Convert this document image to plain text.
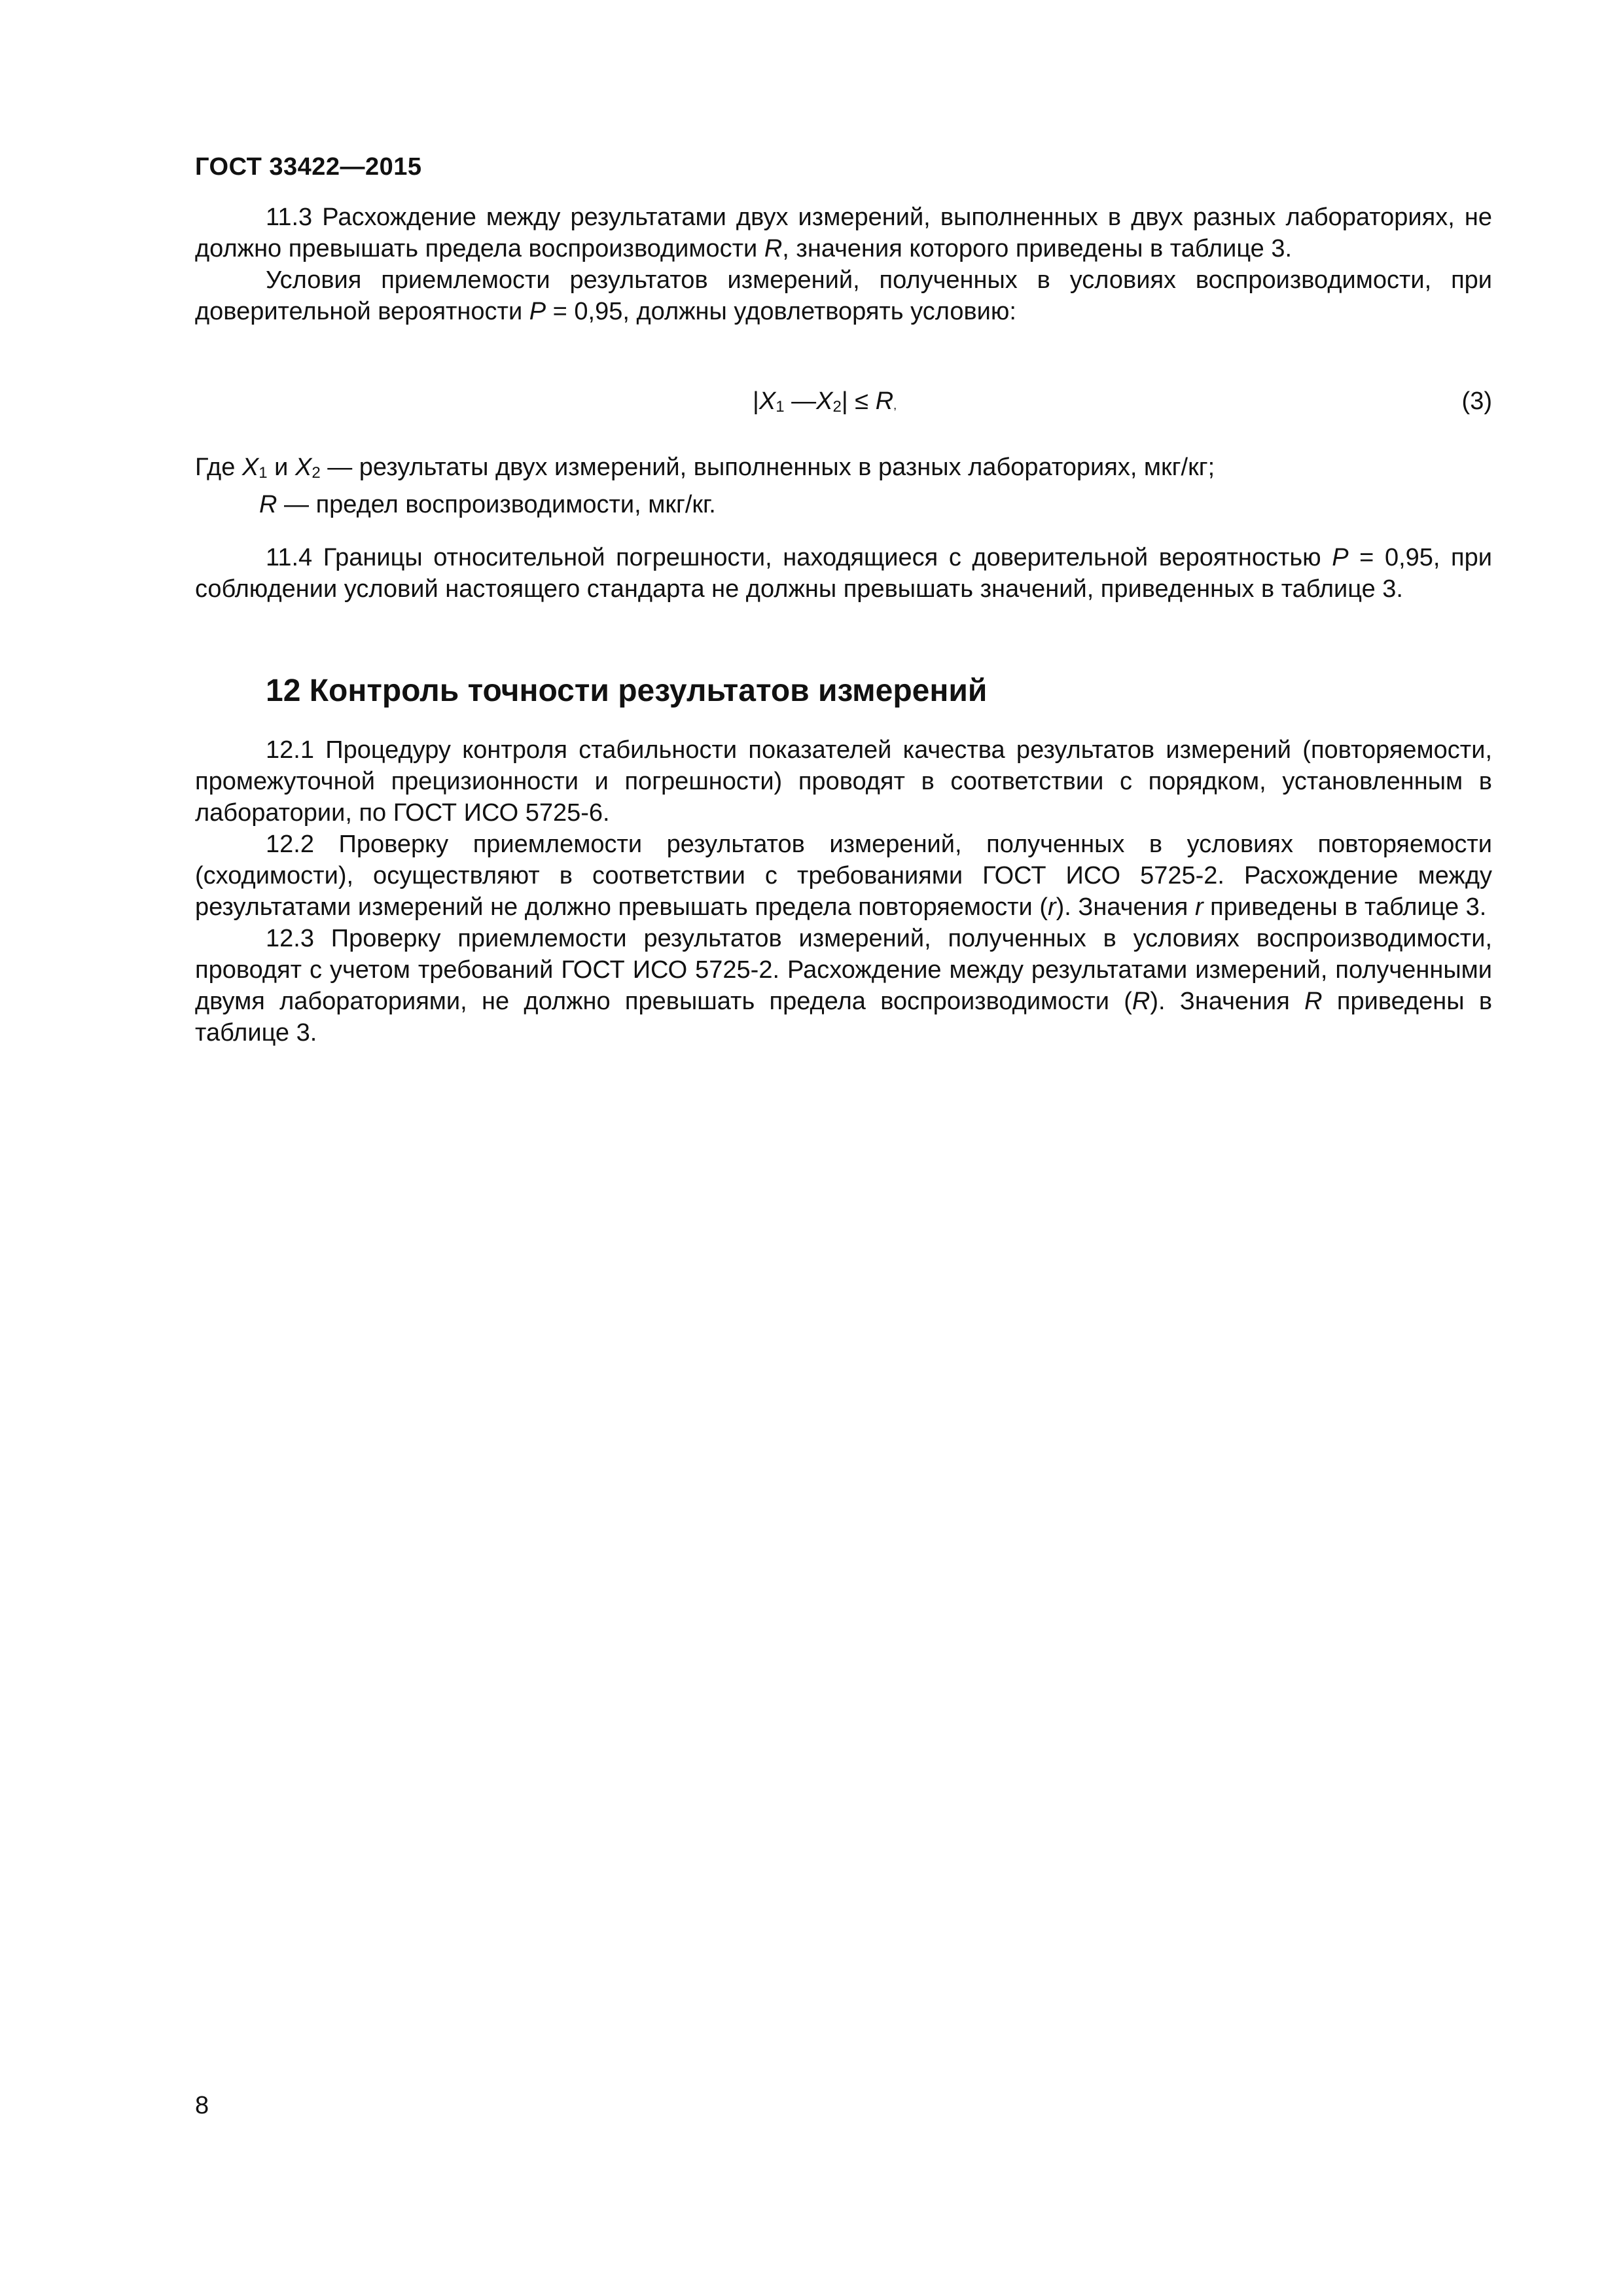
ГОСТ 33422—2015

11.3 Расхождение между результатами двух измерений, выполненных в двух разных лабораториях, не должно превышать предела воспроизводимости R, значения которого приведены в таблице 3.

Условия приемлемости результатов измерений, полученных в условиях воспроизводимости, при доверительной вероятности P = 0,95, должны удовлетворять условию:

$|X_1$ $—X_2| \le R$,	(3)
Где $X_1$ и $X_2$ — результаты двух измерений, выполненных в разных лабораториях, мкг/кг;
R — предел воспроизводимости, мкг/кг.

11.4 Границы относительной погрешности, находящиеся с доверительной вероятностью P = 0,95, при соблюдении условий настоящего стандарта не должны превышать значений, приведенных в таблице 3.

12 Контроль точности результатов измерений

12.1 Процедуру контроля стабильности показателей качества результатов измерений (повторяемости, промежуточной прецизионности и погрешности) проводят в соответствии с порядком, установленным в лаборатории, по ГОСТ ИСО 5725-6.

12.2 Проверку приемлемости результатов измерений, полученных в условиях повторяемости (сходимости), осуществляют в соответствии с требованиями ГОСТ ИСО 5725-2. Расхождение между результатами измерений не должно превышать предела повторяемости (r). Значения r приведены в таблице 3.

12.3 Проверку приемлемости результатов измерений, полученных в условиях воспроизводимости, проводят с учетом требований ГОСТ ИСО 5725-2. Расхождение между результатами измерений, полученными двумя лабораториями, не должно превышать предела воспроизводимости (R). Значения R приведены в таблице 3.

8
